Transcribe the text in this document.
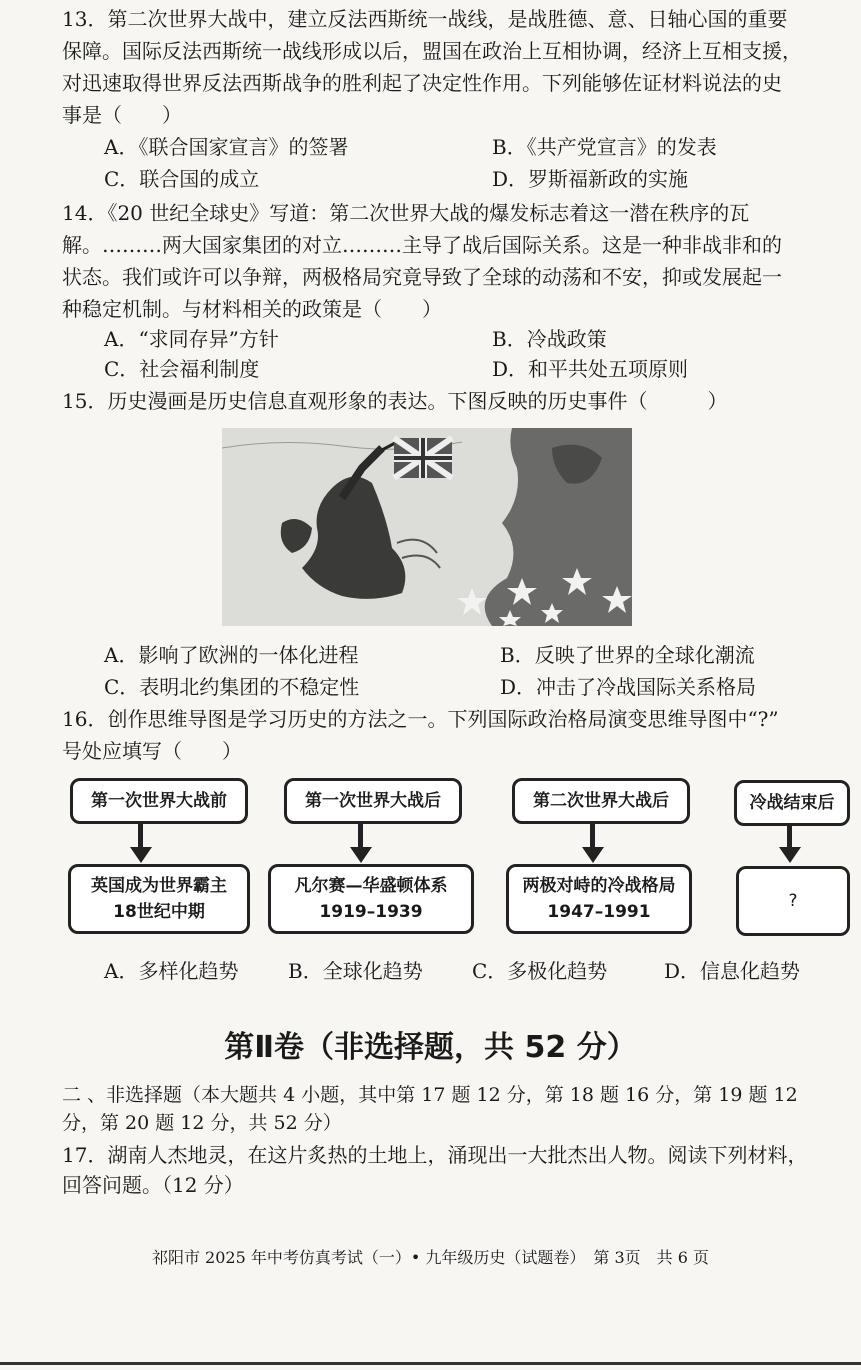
13．第二次世界大战中，建立反法西斯统一战线，是战胜德、意、日轴心国的重要
保障。国际反法西斯统一战线形成以后，盟国在政治上互相协调，经济上互相支援，
对迅速取得世界反法西斯战争的胜利起了决定性作用。下列能够佐证材料说法的史
事是（　　）
A．《联合国家宣言》的签署	B．《共产党宣言》的发表
C．联合国的成立	D．罗斯福新政的实施
14．《20 世纪全球史》写道：第二次世界大战的爆发标志着这一潜在秩序的瓦
解。………两大国家集团的对立………主导了战后国际关系。这是一种非战非和的
状态。我们或许可以争辩，两极格局究竟导致了全球的动荡和不安，抑或发展起一
种稳定机制。与材料相关的政策是（　　）
A．“求同存异”方针	B．冷战政策
C．社会福利制度	D．和平共处五项原则
15．历史漫画是历史信息直观形象的表达。下图反映的历史事件（　　　）
A．影响了欧洲的一体化进程	B．反映了世界的全球化潮流
C．表明北约集团的不稳定性	D．冲击了冷战国际关系格局
16．创作思维导图是学习历史的方法之一。下列国际政治格局演变思维导图中“?”
号处应填写（　　）
第一次世界大战前
英国成为世界霸主
18世纪中期
第一次世界大战后
凡尔赛—华盛顿体系
1919–1939
第二次世界大战后
两极对峙的冷战格局
1947–1991
冷战结束后
?
A．多样化趋势 B．全球化趋势 C．多极化趋势	D．信息化趋势
第Ⅱ卷（非选择题，共 52 分）
二 、非选择题（本大题共 4 小题，其中第 17 题 12 分，第 18 题 16 分，第 19 题 12
分，第 20 题 12 分，共 52 分）
17．湖南人杰地灵，在这片炙热的土地上，涌现出一大批杰出人物。阅读下列材料，
回答问题。（12 分）
祁阳市 2025 年中考仿真考试（一）• 九年级历史（试题卷）　第 3页　共 6 页
